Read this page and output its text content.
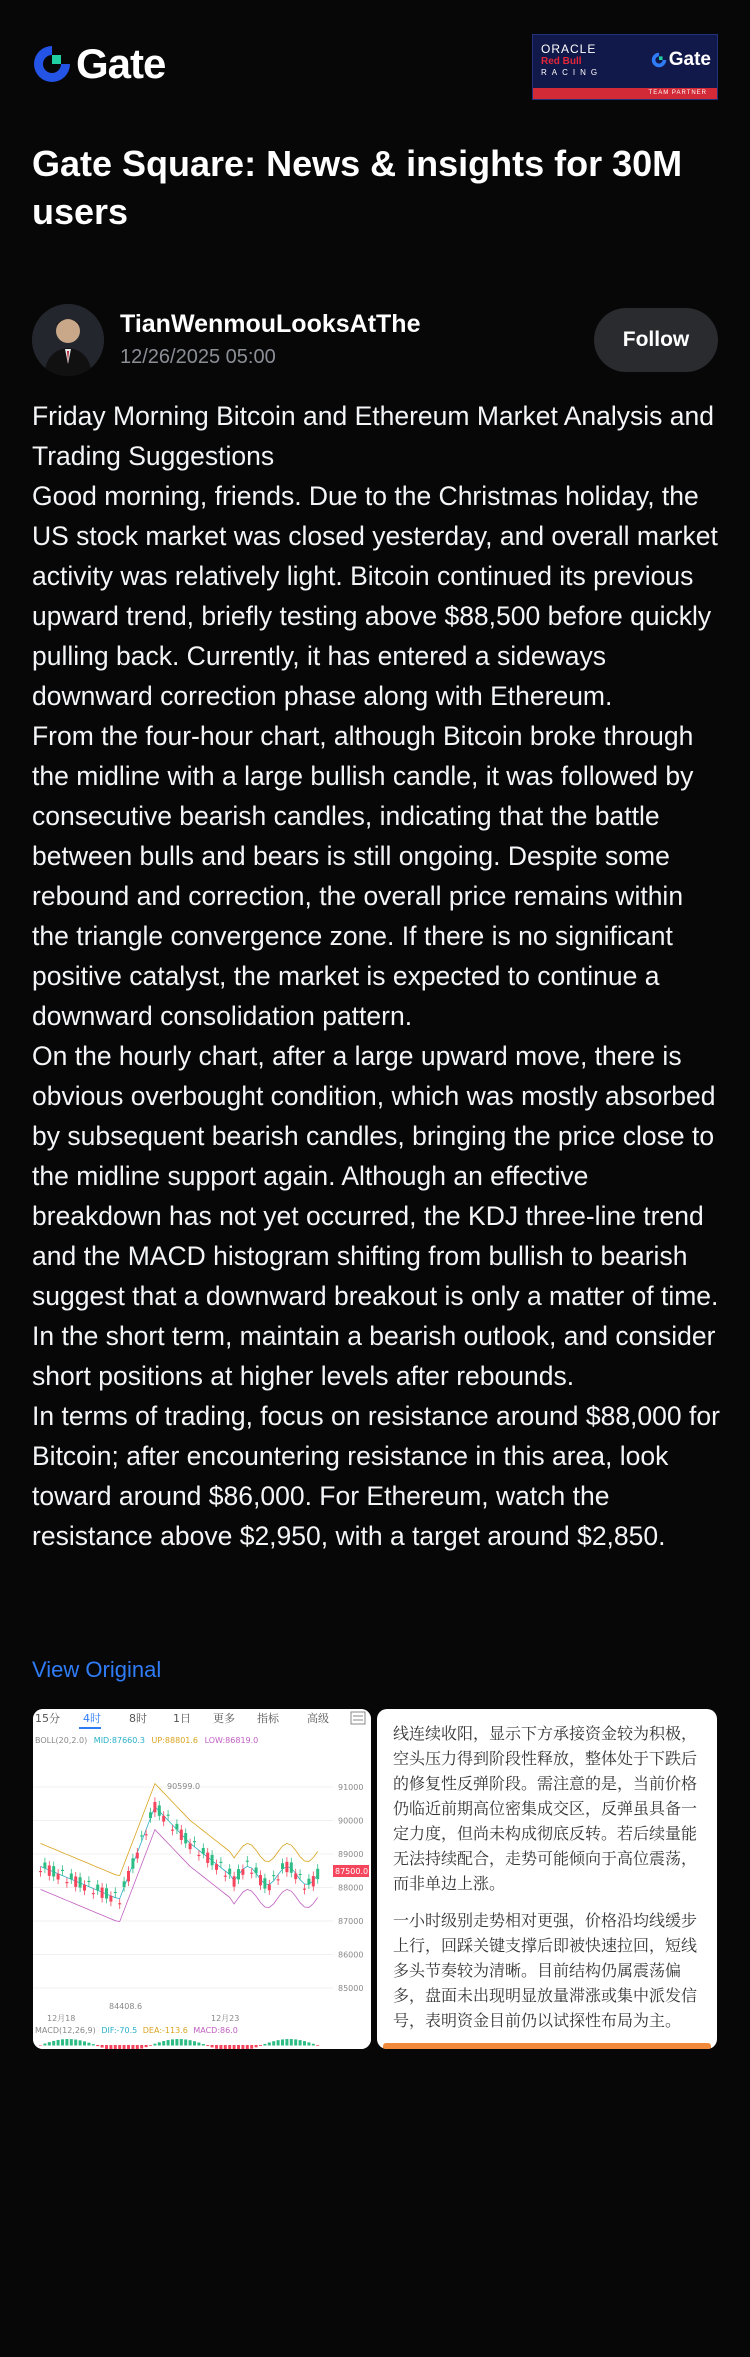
Gate	ORACLE
Red Bull
RACING
Gate
TEAM PARTNER
Gate Square: News & insights for 30M users
TianWenmouLooksAtThe
12/26/2025 05:00
Follow

Friday Morning Bitcoin and Ethereum Market Analysis and Trading Suggestions

Good morning, friends. Due to the Christmas holiday, the US stock market was closed yesterday, and overall market activity was relatively light. Bitcoin continued its previous upward trend, briefly testing above $88,500 before quickly pulling back. Currently, it has entered a sideways downward correction phase along with Ethereum.

From the four-hour chart, although Bitcoin broke through the midline with a large bullish candle, it was followed by consecutive bearish candles, indicating that the battle between bulls and bears is still ongoing. Despite some rebound and correction, the overall price remains within the triangle convergence zone. If there is no significant positive catalyst, the market is expected to continue a downward consolidation pattern.

On the hourly chart, after a large upward move, there is obvious overbought condition, which was mostly absorbed by subsequent bearish candles, bringing the price close to the midline support again. Although an effective breakdown has not yet occurred, the KDJ three-line trend and the MACD histogram shifting from bullish to bearish suggest that a downward breakout is only a matter of time. In the short term, maintain a bearish outlook, and consider short positions at higher levels after rebounds.

In terms of trading, focus on resistance around $88,000 for Bitcoin; after encountering resistance in this area, look toward around $86,000. For Ethereum, watch the resistance above $2,950, with a target around $2,850.

View Original
15分 4时	8时 1日 更多 指标	高级
BOLL(20,2.0) MID:87660.3 UP:88801.6 LOW:86819.0
91000
90000
89000
88000
87000
86000
85000
87500.0
90599.0
84408.6
12月18	12月23
MACD(12,26,9) DIF:-70.5 DEA:-113.6 MACD:86.0

线连续收阳，显示下方承接资金较为积极，空头压力得到阶段性释放，整体处于下跌后的修复性反弹阶段。需注意的是，当前价格仍临近前期高位密集成交区，反弹虽具备一定力度，但尚未构成彻底反转。若后续量能无法持续配合，走势可能倾向于高位震荡，而非单边上涨。

一小时级别走势相对更强，价格沿均线缓步上行，回踩关键支撑后即被快速拉回，短线多头节奏较为清晰。目前结构仍属震荡偏多，盘面未出现明显放量滞涨或集中派发信号，表明资金目前仍以试探性布局为主。
